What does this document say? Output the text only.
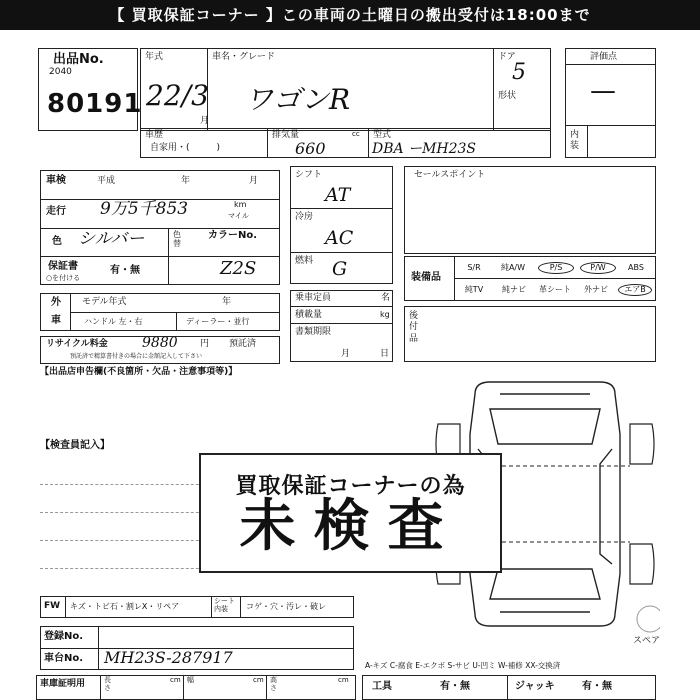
【 買取保証コーナー 】この車両の土曜日の搬出受付は18:00まで
出品No.
2040
80191
年式
22/3
月
車名・グレード
ワゴンR
ドア
5
形状
評価点
—
内装
車歴
自家用・(　　　)
排気量	cc
660
型式
DBA ーMH23S
車検	平成	年	月
走行 9万5千853	km
マイル
色 シルバー	色替
カラーNo.
Z2S
保証書
○を付ける
有・無
外
車
モデル年式	年
ハンドル 左・右	ディーラー・並行
リサイクル料金 9880 円 預託済
預託済で精算書付きの場合に金額記入して下さい
シフト
AT
冷房
AC
燃料 G
乗車定員	名
積載量	kg
書類期限
月	日
セールスポイント
装備品
S/R	純A/W	P/S	P/W	ABS
純TV	純ナビ	革シート	外ナビ	エアB
後付品
【出品店申告欄(不良箇所・欠品・注意事項等)】
【検査員記入】
スペア
買取保証コーナーの為
未検査
FW キズ・トビ石・割レX・リペア
シート内装	コゲ・穴・汚レ・破レ
登録No.
車台No. MH23S-287917
車庫証明用	長さ
cm 幅	cm 高さ
cm
A-キズ C-腐食 E-エクボ S-サビ U-凹ミ W-補修 XX-交換済
工具	有・無	ジャッキ	有・無
